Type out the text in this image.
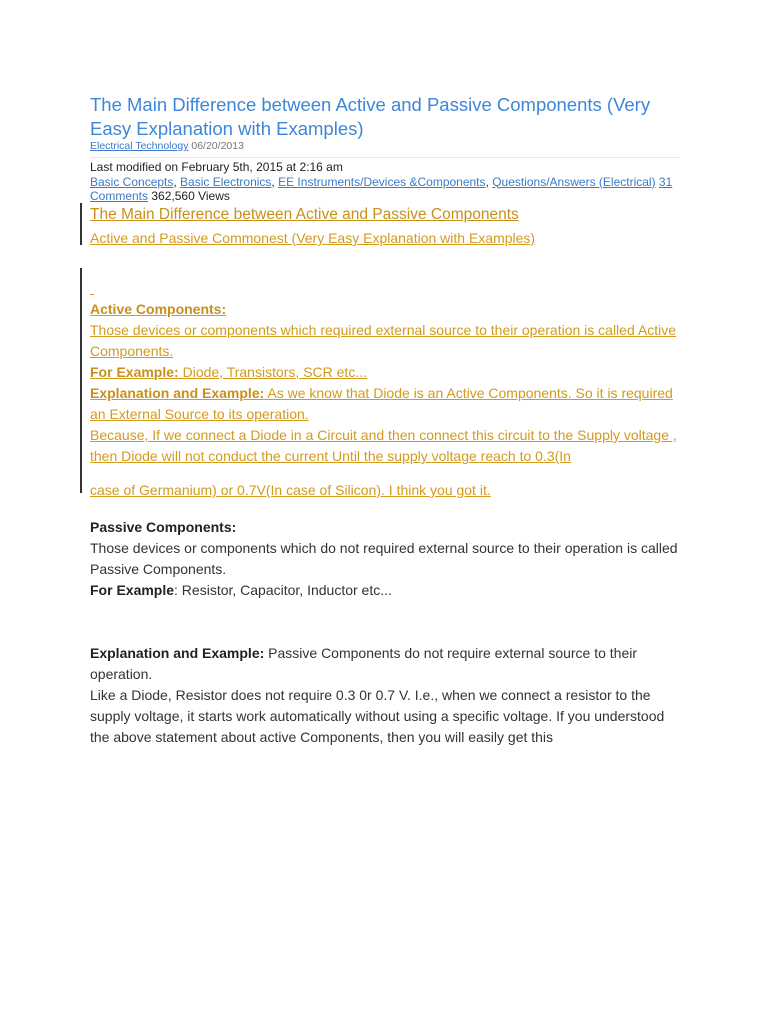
The Main Difference between Active and Passive Components (Very Easy Explanation with Examples)
Electrical Technology 06/20/2013
Last modified on February 5th, 2015 at 2:16 am
Basic Concepts, Basic Electronics, EE Instruments/Devices &Components, Questions/Answers (Electrical) 31 Comments 362,560 Views
The Main Difference between Active and Passive Components
Active and Passive Commonest (Very Easy Explanation with Examples)

Active Components:
Those devices or components which required external source to their operation is called Active Components.
For Example: Diode, Transistors, SCR etc...
Explanation and Example: As we know that Diode is an Active Components. So it is required an External Source to its operation.
Because, If we connect a Diode in a Circuit and then connect this circuit to the Supply voltage , then Diode will not conduct the current Until the supply voltage reach to 0.3(In
case of Germanium) or 0.7V(In case of Silicon). I think you got it.
Passive Components:
Those devices or components which do not required external source to their operation is called Passive Components.
For Example: Resistor, Capacitor, Inductor etc...
Explanation and Example: Passive Components do not require external source to their operation.
Like a Diode, Resistor does not require 0.3 0r 0.7 V. I.e., when we connect a resistor to the supply voltage, it starts work automatically without using a specific voltage. If you understood the above statement about active Components, then you will easily get this
